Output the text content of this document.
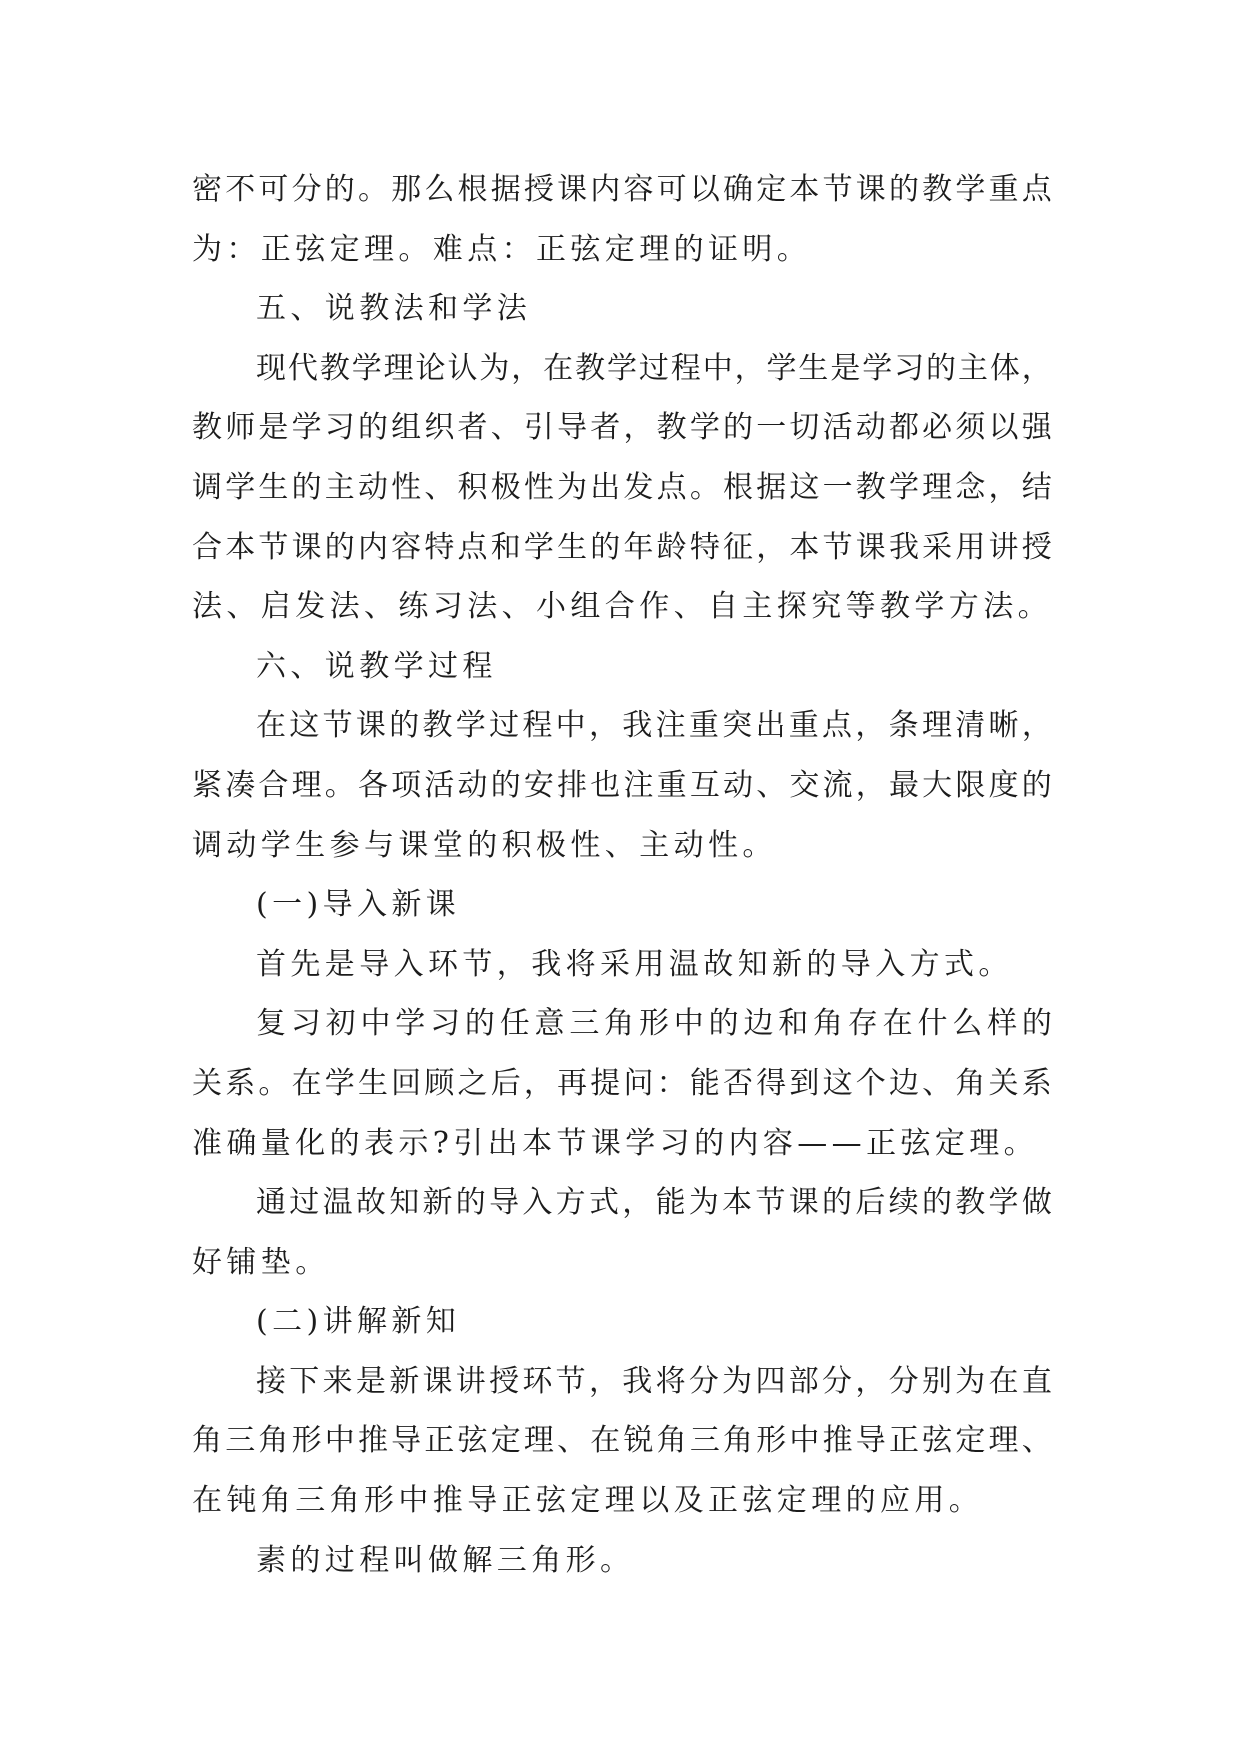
密 不 可 分 的 。 那 么 根 据 授 课 内 容 可 以 确 定 本 节 课 的 教 学 重 点
为：正弦定理。难点：正弦定理的证明。
五、说教法和学法
现 代 教 学 理 论 认 为 ， 在 教 学 过 程 中 ， 学 生 是 学 习 的 主 体 ，
教 师 是 学 习 的 组 织 者 、 引 导 者 ， 教 学 的 一 切 活 动 都 必 须 以 强
调 学 生 的 主 动 性 、 积 极 性 为 出 发 点 。 根 据 这 一 教 学 理 念 ， 结
合 本 节 课 的 内 容 特 点 和 学 生 的 年 龄 特 征 ， 本 节 课 我 采 用 讲 授
法、启发法、练习法、小组合作、自主探究等教学方法。
六、说教学过程
在 这 节 课 的 教 学 过 程 中 ， 我 注 重 突 出 重 点 ， 条 理 清 晰 ，
紧 凑 合 理 。 各 项 活 动 的 安 排 也 注 重 互 动 、 交 流 ， 最 大 限 度 的
调动学生参与课堂的积极性、主动性。
(一)导入新课
首先是导入环节，我将采用温故知新的导入方式。
复 习 初 中 学 习 的 任 意 三 角 形 中 的 边 和 角 存 在 什 么 样 的
关 系 。 在 学 生 回 顾 之 后 ， 再 提 问 ： 能 否 得 到 这 个 边 、 角 关 系
准确量化的表示?引出本节课学习的内容——正弦定理。
通 过 温 故 知 新 的 导 入 方 式 ， 能 为 本 节 课 的 后 续 的 教 学 做
好铺垫。
(二)讲解新知
接 下 来 是 新 课 讲 授 环 节 ， 我 将 分 为 四 部 分 ， 分 别 为 在 直
角 三 角 形 中 推 导 正 弦 定 理 、 在 锐 角 三 角 形 中 推 导 正 弦 定 理 、
在钝角三角形中推导正弦定理以及正弦定理的应用。
素的过程叫做解三角形。
